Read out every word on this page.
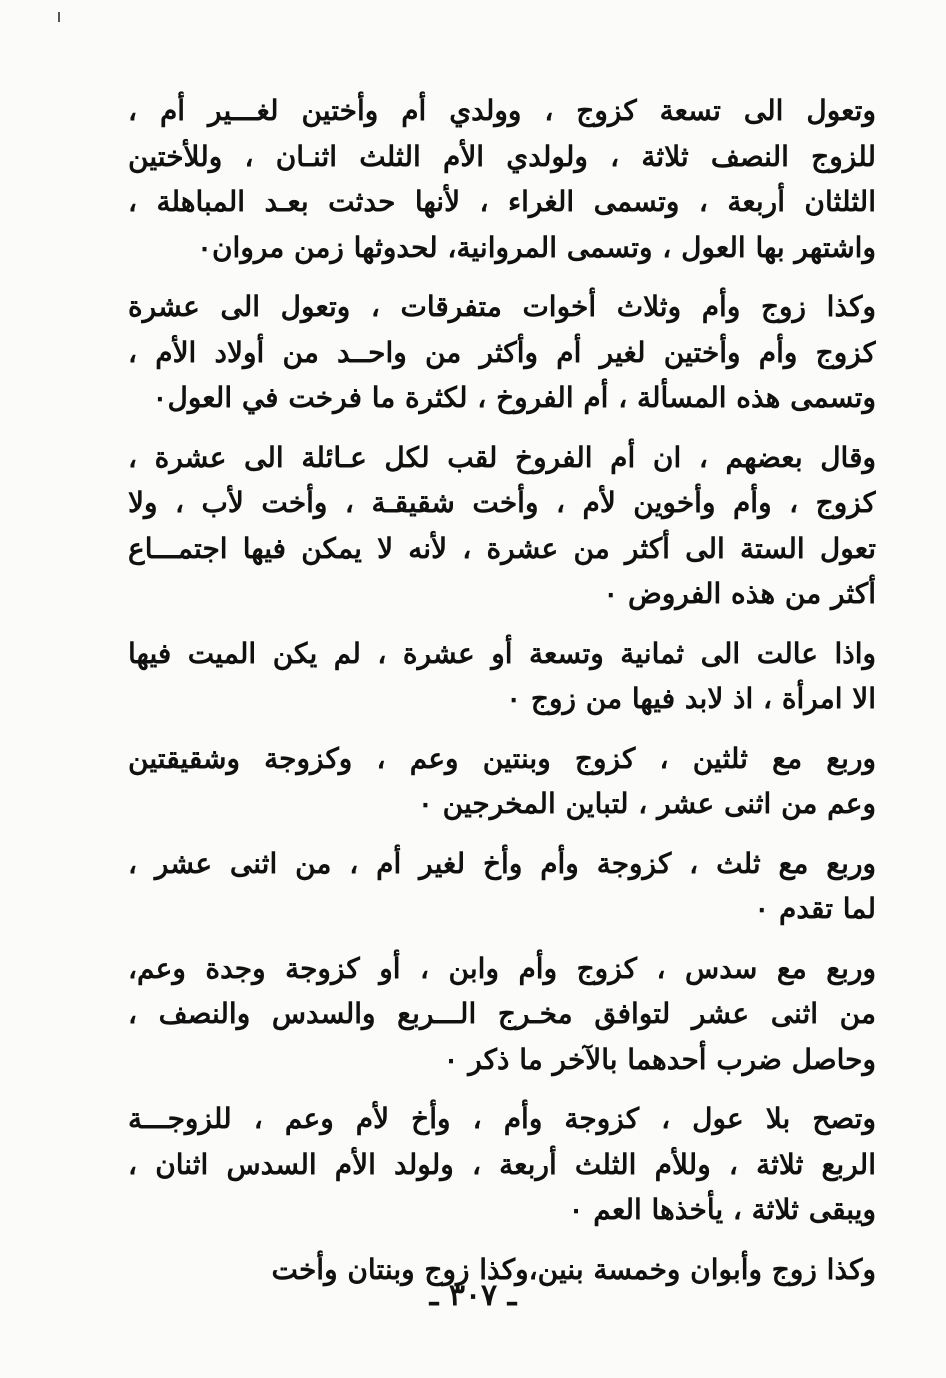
وتعول الى تسعة كزوج ، وولدي أم وأختين لغـــير أم ،
للزوج النصف ثلاثة ، ولولدي الأم الثلث اثنـان ، وللأختين
الثلثان أربعة ، وتسمى الغراء ، لأنها حدثت بعـد المباهلة ،
واشتهر بها العول ، وتسمى المروانية، لحدوثها زمن مروان٠
وكذا زوج وأم وثلاث أخوات متفرقات ، وتعول الى عشرة
كزوج وأم وأختين لغير أم وأكثر من واحــد من أولاد الأم ،
وتسمى هذه المسألة ، أم الفروخ ، لكثرة ما فرخت في العول٠
وقال بعضهم ، ان أم الفروخ لقب لكل عـائلة الى عشرة ،
كزوج ، وأم وأخوين لأم ، وأخت شقيقـة ، وأخت لأب ، ولا
تعول الستة الى أكثر من عشرة ، لأنه لا يمكن فيها اجتمـــاع
أكثر من هذه الفروض ٠
واذا عالت الى ثمانية وتسعة أو عشرة ، لم يكن الميت فيها
الا امرأة ، اذ لابد فيها من زوج ٠
وربع مع ثلثين ، كزوج وبنتين وعم ، وكزوجة وشقيقتين
وعم من اثنى عشر ، لتباين المخرجين ٠
وربع مع ثلث ، كزوجة وأم وأخ لغير أم ، من اثنى عشر ،
لما تقدم ٠
وربع مع سدس ، كزوج وأم وابن ، أو كزوجة وجدة وعم،
من اثنى عشر لتوافق مخـرج الـــربع والسدس والنصف ،
وحاصل ضرب أحدهما بالآخر ما ذكر ٠
وتصح بلا عول ، كزوجة وأم ، وأخ لأم وعم ، للزوجـــة
الربع ثلاثة ، وللأم الثلث أربعة ، ولولد الأم السدس اثنان ،
ويبقى ثلاثة ، يأخذها العم ٠
وكذا زوج وأبوان وخمسة بنين،وكذا زوج وبنتان وأخت
ـ ٣٠٧ ـ
